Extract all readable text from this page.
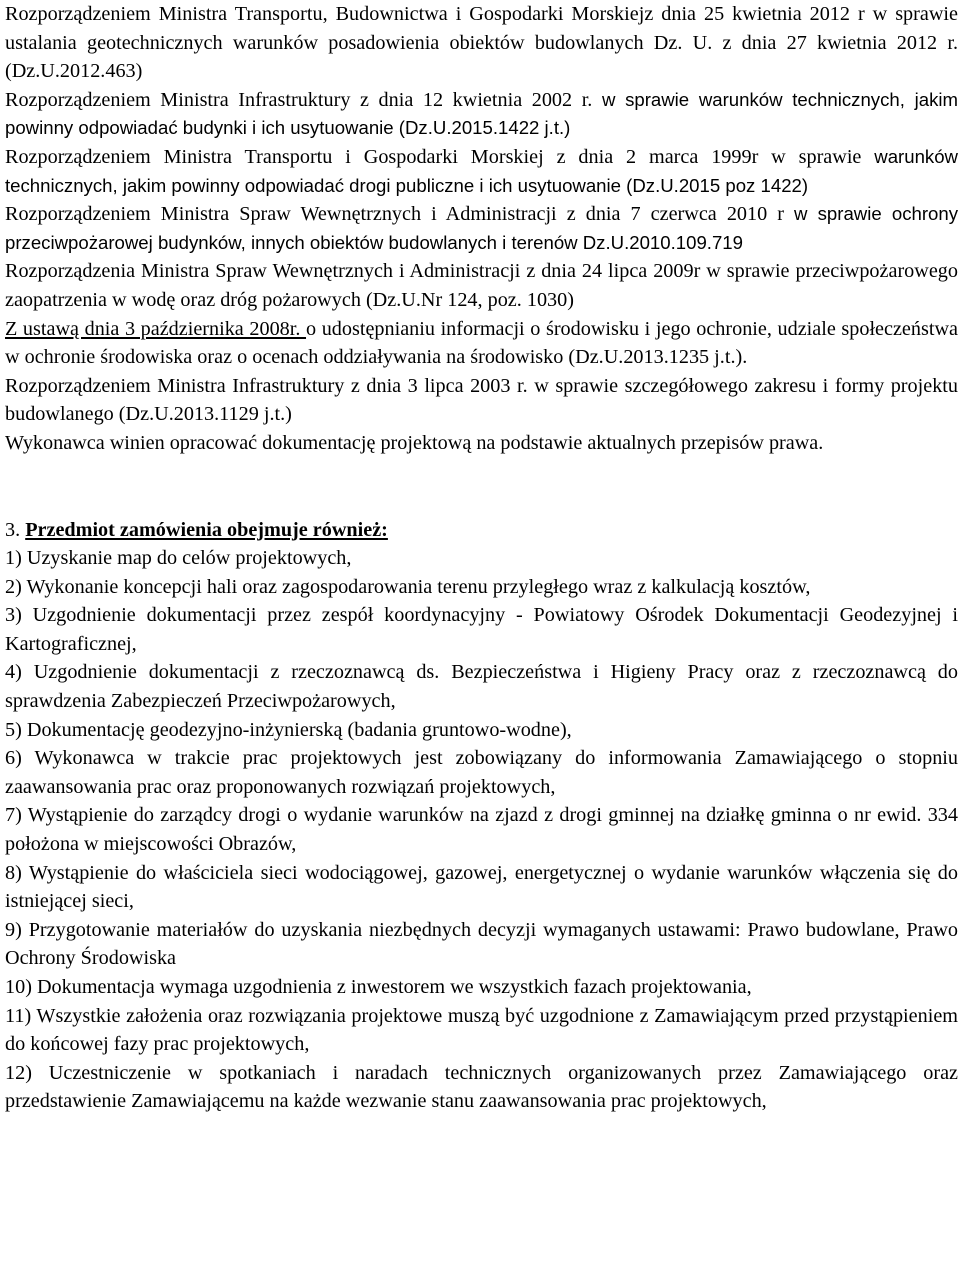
Rozporządzeniem Ministra Transportu, Budownictwa i Gospodarki Morskiejz dnia 25 kwietnia 2012 r w sprawie ustalania geotechnicznych warunków posadowienia obiektów budowlanych Dz. U. z dnia 27 kwietnia 2012 r. (Dz.U.2012.463)

Rozporządzeniem Ministra Infrastruktury z dnia 12 kwietnia 2002 r. w sprawie warunków technicznych, jakim powinny odpowiadać budynki i ich usytuowanie (Dz.U.2015.1422 j.t.)

Rozporządzeniem Ministra Transportu i Gospodarki Morskiej z dnia 2 marca 1999r w sprawie warunków technicznych, jakim powinny odpowiadać drogi publiczne i ich usytuowanie (Dz.U.2015 poz 1422)

Rozporządzeniem Ministra Spraw Wewnętrznych i Administracji z dnia 7 czerwca 2010 r w sprawie ochrony przeciwpożarowej budynków, innych obiektów budowlanych i terenów Dz.U.2010.109.719

Rozporządzenia Ministra Spraw Wewnętrznych i Administracji z dnia 24 lipca 2009r w sprawie przeciwpożarowego zaopatrzenia w wodę oraz dróg pożarowych (Dz.U.Nr 124, poz. 1030)

Z ustawą dnia 3 października 2008r. o udostępnianiu informacji o środowisku i jego ochronie, udziale społeczeństwa w ochronie środowiska oraz o ocenach oddziaływania na środowisko (Dz.U.2013.1235 j.t.).

Rozporządzeniem Ministra Infrastruktury z dnia 3 lipca 2003 r. w sprawie szczegółowego zakresu i formy projektu budowlanego (Dz.U.2013.1129 j.t.)

Wykonawca winien opracować dokumentację projektową na podstawie aktualnych przepisów prawa.

3. Przedmiot zamówienia obejmuje również:

1) Uzyskanie map do celów projektowych,

2) Wykonanie koncepcji hali oraz zagospodarowania terenu przyległego wraz z kalkulacją kosztów,

3) Uzgodnienie dokumentacji przez zespół koordynacyjny - Powiatowy Ośrodek Dokumentacji Geodezyjnej i Kartograficznej,

4) Uzgodnienie dokumentacji z rzeczoznawcą ds. Bezpieczeństwa i Higieny Pracy oraz z rzeczoznawcą do sprawdzenia Zabezpieczeń Przeciwpożarowych,

5) Dokumentację geodezyjno-inżynierską (badania gruntowo-wodne),

6) Wykonawca w trakcie prac projektowych jest zobowiązany do informowania Zamawiającego o stopniu zaawansowania prac oraz proponowanych rozwiązań projektowych,

7) Wystąpienie do zarządcy drogi o wydanie warunków na zjazd z drogi gminnej na działkę gminna o nr ewid. 334 położona w miejscowości Obrazów,

8) Wystąpienie do właściciela sieci wodociągowej, gazowej, energetycznej o wydanie warunków włączenia się do istniejącej sieci,

9) Przygotowanie materiałów do uzyskania niezbędnych decyzji wymaganych ustawami: Prawo budowlane, Prawo Ochrony Środowiska

10) Dokumentacja wymaga uzgodnienia z inwestorem we wszystkich fazach projektowania,

11) Wszystkie założenia oraz rozwiązania projektowe muszą być uzgodnione z Zamawiającym przed przystąpieniem do końcowej fazy prac projektowych,

12) Uczestniczenie w spotkaniach i naradach technicznych organizowanych przez Zamawiającego oraz przedstawienie Zamawiającemu na każde wezwanie stanu zaawansowania prac projektowych,
